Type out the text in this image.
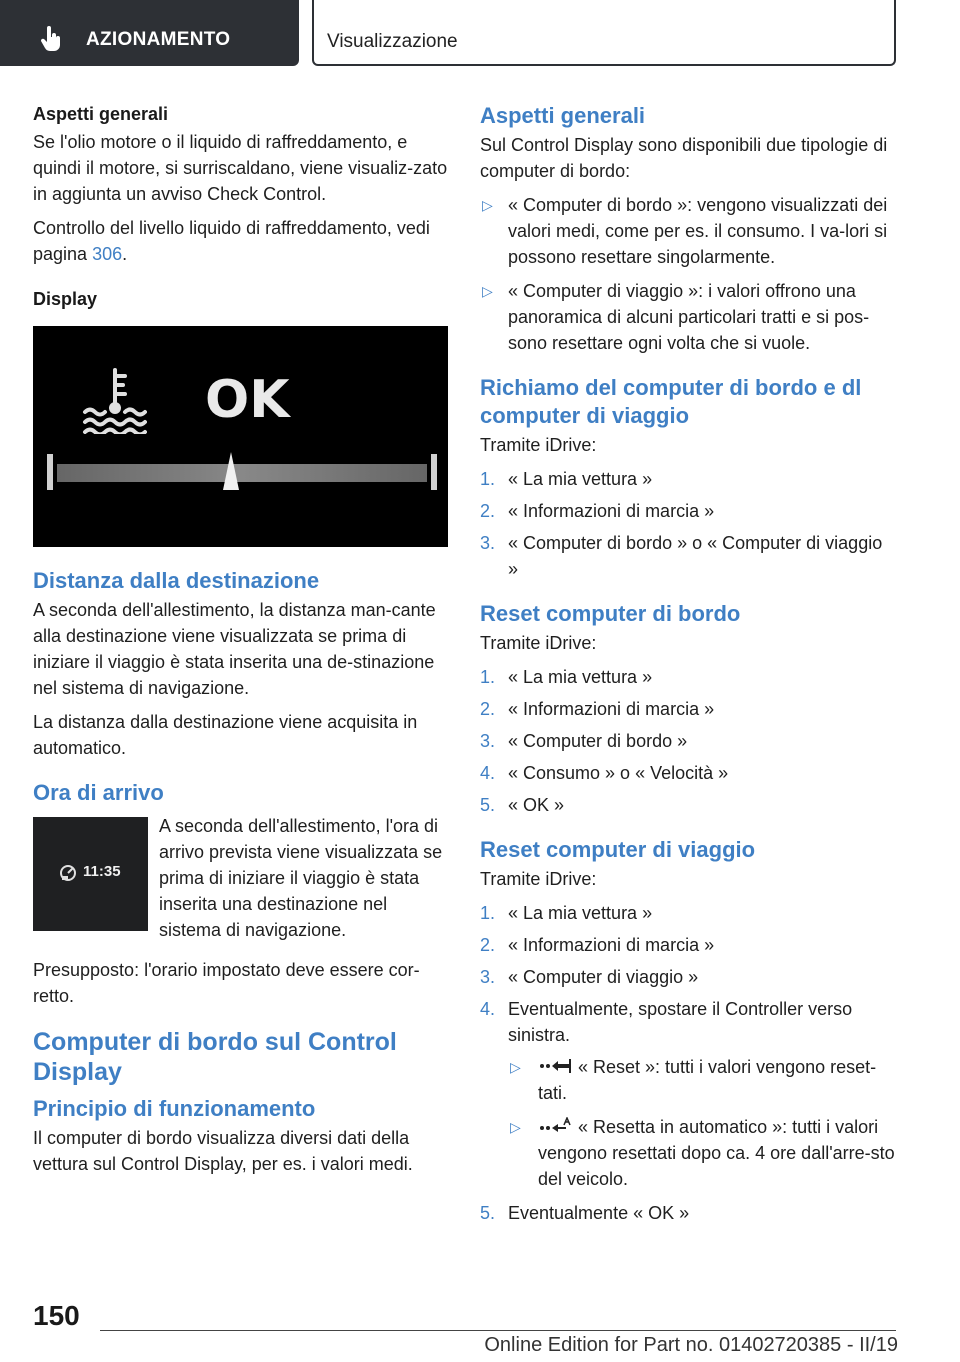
AZIONAMENTO	Visualizzazione
Aspetti generali

Se l'olio motore o il liquido di raffreddamento, e quindi il motore, si surriscaldano, viene visualiz-zato in aggiunta un avviso Check Control.

Controllo del livello liquido di raffreddamento, vedi pagina 306.

Display
OK
Distanza dalla destinazione

A seconda dell'allestimento, la distanza man-cante alla destinazione viene visualizzata se prima di iniziare il viaggio è stata inserita una de-stinazione nel sistema di navigazione.

La distanza dalla destinazione viene acquisita in automatico.

Ora di arrivo
11:35

A seconda dell'allestimento, l'ora di arrivo prevista viene visualizzata se prima di iniziare il viaggio è stata inserita una destinazione nel sistema di navigazione.

Presupposto: l'orario impostato deve essere cor-retto.

Computer di bordo sul Control Display
Principio di funzionamento

Il computer di bordo visualizza diversi dati della vettura sul Control Display, per es. i valori medi.

Aspetti generali

Sul Control Display sono disponibili due tipologie di computer di bordo:

▷ « Computer di bordo »: vengono visualizzati dei valori medi, come per es. il consumo. I va-lori si possono resettare singolarmente.
▷ « Computer di viaggio »: i valori offrono una panoramica di alcuni particolari tratti e si pos-sono resettare ogni volta che si vuole.
Richiamo del computer di bordo e dl computer di viaggio

Tramite iDrive:

1. « La mia vettura »
2. « Informazioni di marcia »
3. « Computer di bordo » o « Computer di viaggio »
Reset computer di bordo

Tramite iDrive:

1. « La mia vettura »
2. « Informazioni di marcia »
3. « Computer di bordo »
4. « Consumo » o « Velocità »
5. « OK »
Reset computer di viaggio

Tramite iDrive:

1. « La mia vettura »
2. « Informazioni di marcia »
3. « Computer di viaggio »
4. Eventualmente, spostare il Controller verso sinistra.
▷	« Reset »: tutti i valori vengono reset-tati.
▷	« Resetta in automatico »: tutti i valori vengono resettati dopo ca. 4 ore dall'arre-sto del veicolo.
5. Eventualmente « OK »
150
Online Edition for Part no. 01402720385 - II/19
